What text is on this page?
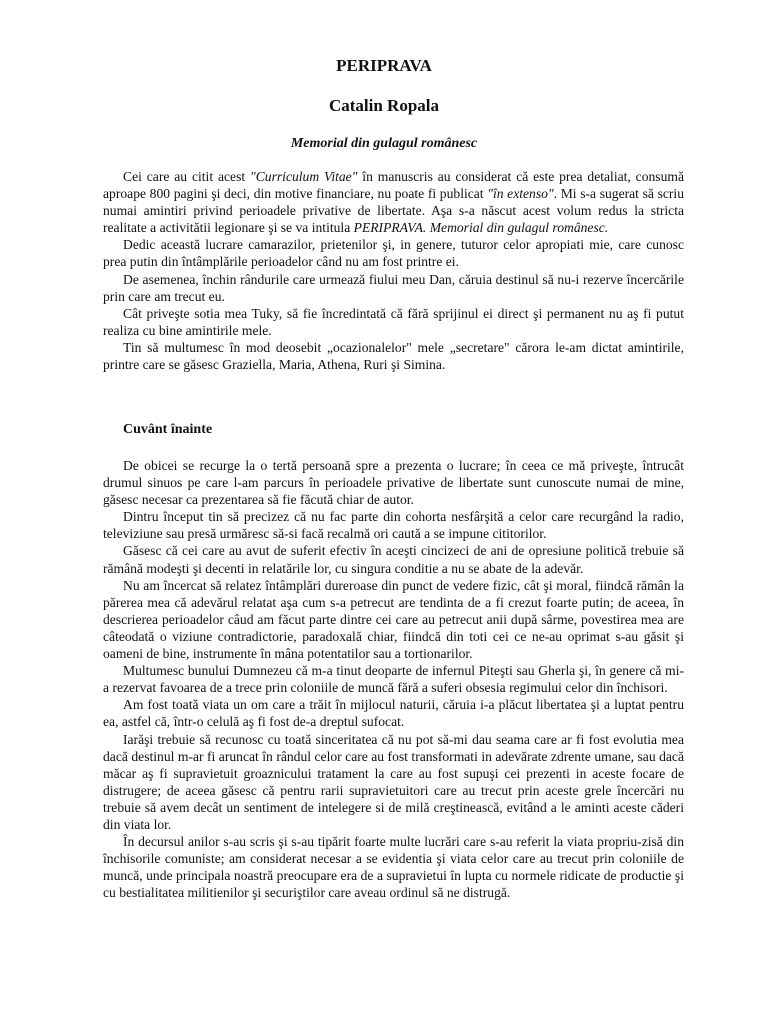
PERIPRAVA
Catalin Ropala
Memorial din gulagul românesc

Cei care au citit acest "Curriculum Vitae" în manuscris au considerat că este prea detaliat, consumă aproape 800 pagini şi deci, din motive financiare, nu poate fi publicat "în extenso". Mi s-a sugerat să scriu numai amintiri privind perioadele privative de libertate. Aşa s-a născut acest volum redus la stricta realitate a activitătii legionare şi se va intitula PERIPRAVA. Memorial din gulagul românesc.

Dedic această lucrare camarazilor, prietenilor şi, in genere, tuturor celor apropiati mie, care cunosc prea putin din întâmplările perioadelor când nu am fost printre ei.

De asemenea, închin rândurile care urmează fiului meu Dan, căruia destinul să nu-i rezerve încercările prin care am trecut eu.

Cât priveşte sotia mea Tuky, să fie încredintată că fără sprijinul ei direct şi permanent nu aş fi putut realiza cu bine amintirile mele.

Tin să multumesc în mod deosebit „ocazionalelor" mele „secretare" cărora le-am dictat amintirile, printre care se găsesc Graziella, Maria, Athena, Ruri şi Simina.

Cuvânt înainte

De obicei se recurge la o tertă persoană spre a prezenta o lucrare; în ceea ce mă priveşte, întrucât drumul sinuos pe care l-am parcurs în perioadele privative de libertate sunt cunoscute numai de mine, găsesc necesar ca prezentarea să fie făcută chiar de autor.

Dintru început tin să precizez că nu fac parte din cohorta nesfârşită a celor care recurgând la radio, televiziune sau presă urmăresc să-si facă recalmă ori caută a se impune cititorilor.

Găsesc că cei care au avut de suferit efectiv în aceşti cincizeci de ani de opresiune politică trebuie să rămână modeşti şi decenti in relatările lor, cu singura conditie a nu se abate de la adevăr.

Nu am încercat să relatez întâmplări dureroase din punct de vedere fizic, cât şi moral, fiindcă rămân la părerea mea că adevărul relatat aşa cum s-a petrecut are tendinta de a fi crezut foarte putin; de aceea, în descrierea perioadelor câud am făcut parte dintre cei care au petrecut anii după sârme, povestirea mea are câteodată o viziune contradictorie, paradoxală chiar, fiindcă din toti cei ce ne-au oprimat s-au găsit şi oameni de bine, instrumente în mâna potentatilor sau a tortionarilor.

Multumesc bunului Dumnezeu că m-a tinut deoparte de infernul Piteşti sau Gherla şi, în genere că mi-a rezervat favoarea de a trece prin coloniile de muncă fără a suferi obsesia regimului celor din închisori.

Am fost toată viata un om care a trăit în mijlocul naturii, căruia i-a plăcut libertatea şi a luptat pentru ea, astfel că, într-o celulă aş fi fost de-a dreptul sufocat.

Iarăşi trebuie să recunosc cu toată sinceritatea că nu pot să-mi dau seama care ar fi fost evolutia mea dacă destinul m-ar fi aruncat în rândul celor care au fost transformati in adevărate zdrente umane, sau dacă măcar aş fi supravietuit groaznicului tratament la care au fost supuşi cei prezenti in aceste focare de distrugere; de aceea găsesc că pentru rarii supravietuitori care au trecut prin aceste grele încercări nu trebuie să avem decât un sentiment de intelegere si de milă creştinească, evitând a le aminti aceste căderi din viata lor.

În decursul anilor s-au scris şi s-au tipărit foarte multe lucrări care s-au referit la viata propriu-zisă din închisorile comuniste; am considerat necesar a se evidentia şi viata celor care au trecut prin coloniile de muncă, unde principala noastră preocupare era de a supravietui în lupta cu normele ridicate de productie şi cu bestialitatea militienilor şi securiştilor care aveau ordinul să ne distrugă.
